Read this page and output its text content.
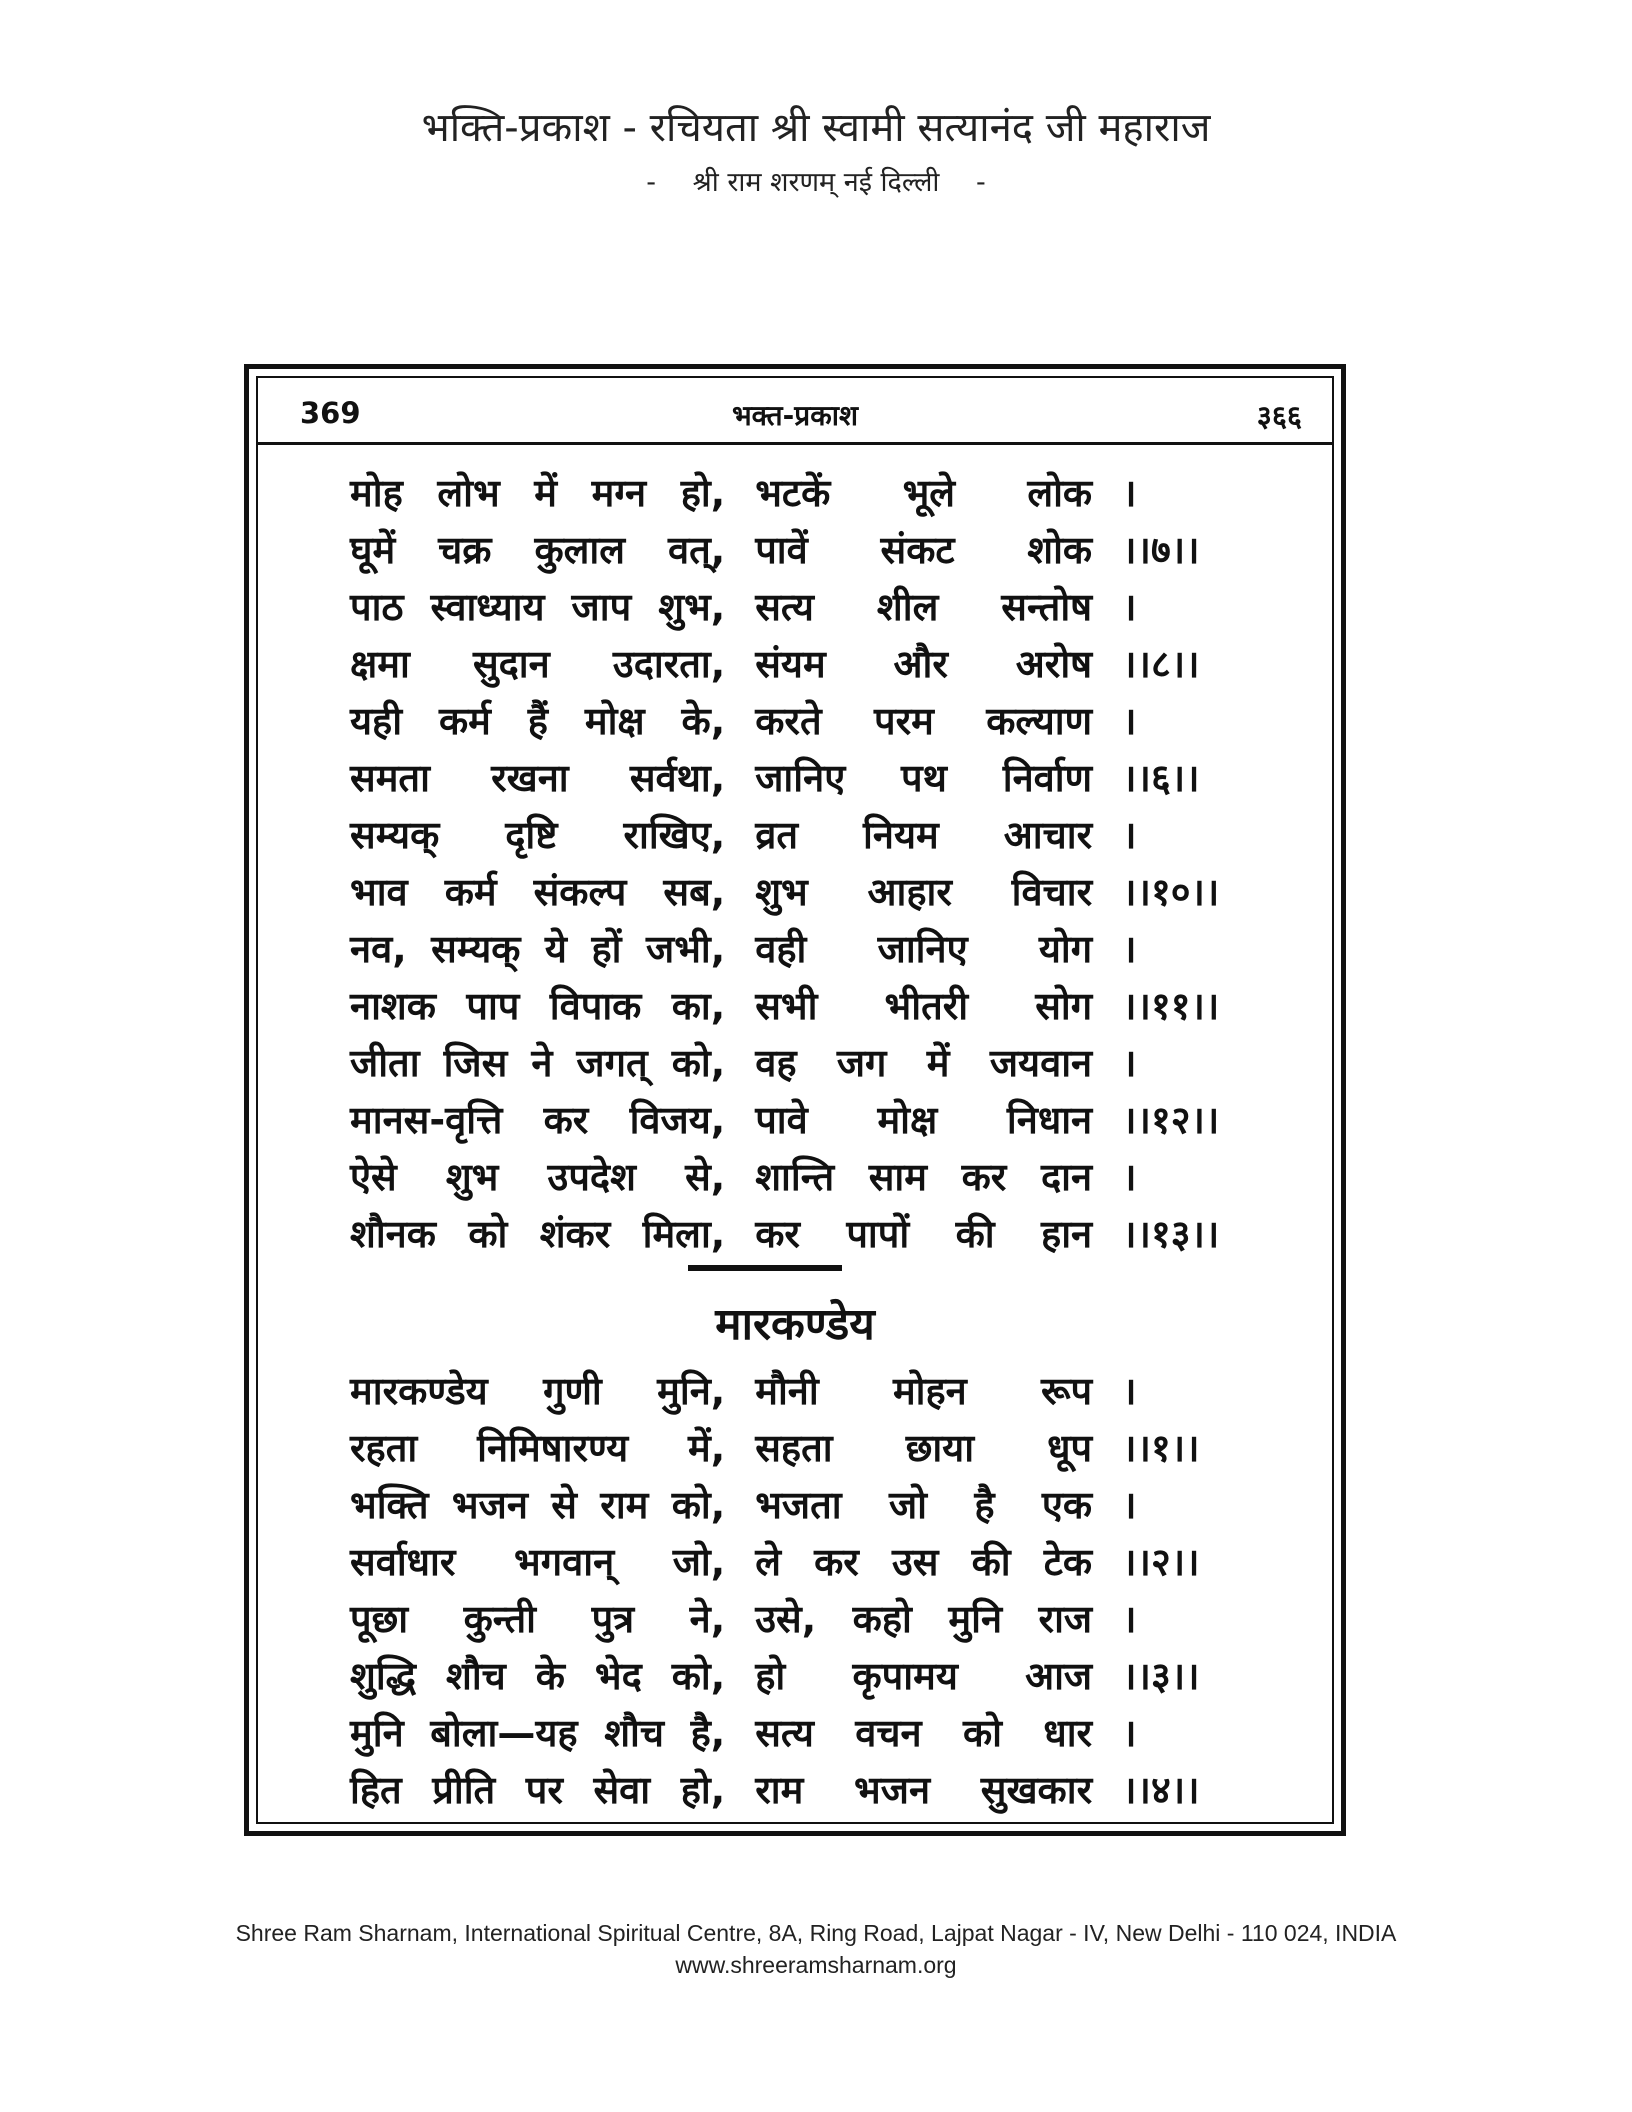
भक्ति-प्रकाश - रचियता श्री स्वामी सत्यानंद जी महाराज
- श्री राम शरणम् नई दिल्ली -
369	भक्त-प्रकाश	३६६
मोह लोभ में मग्न हो, भटकें भूले लोक ।
घूमें चक्र कुलाल वत्, पावें संकट शोक ।।७।।
पाठ स्वाध्याय जाप शुभ, सत्य शील सन्तोष ।
क्षमा सुदान उदारता, संयम और अरोष ।।८।।
यही कर्म हैं मोक्ष के, करते परम कल्याण ।
समता रखना सर्वथा, जानिए पथ निर्वाण ।।६।।
सम्यक् दृष्टि राखिए, व्रत नियम आचार ।
भाव कर्म संकल्प सब, शुभ आहार विचार ।।१०।।
नव, सम्यक् ये हों जभी, वही जानिए योग ।
नाशक पाप विपाक का, सभी भीतरी सोग ।।११।।
जीता जिस ने जगत् को, वह जग में जयवान ।
मानस-वृत्ति कर विजय, पावे मोक्ष निधान ।।१२।।
ऐसे शुभ उपदेश से, शान्ति साम कर दान ।
शौनक को शंकर मिला, कर पापों की हान ।।१३।।
मारकण्डेय
मारकण्डेय गुणी मुनि, मौनी मोहन रूप ।
रहता निमिषारण्य में, सहता छाया धूप ।।१।।
भक्ति भजन से राम को, भजता जो है एक ।
सर्वाधार भगवान् जो, ले कर उस की टेक ।।२।।
पूछा कुन्ती पुत्र ने, उसे, कहो मुनि राज ।
शुद्धि शौच के भेद को, हो कृपामय आज ।।३।।
मुनि बोला—यह शौच है, सत्य वचन को धार ।
हित प्रीति पर सेवा हो, राम भजन सुखकार ।।४।।
Shree Ram Sharnam, International Spiritual Centre, 8A, Ring Road, Lajpat Nagar - IV, New Delhi - 110 024, INDIA
www.shreeramsharnam.org
